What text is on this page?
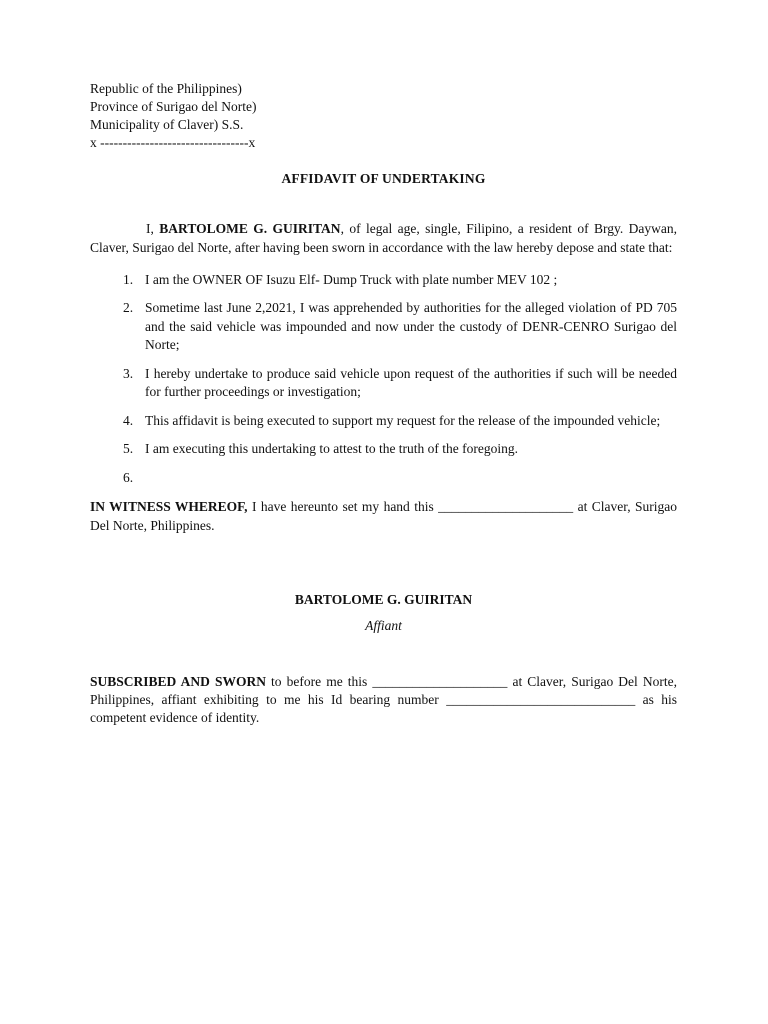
Republic of the Philippines)
Province of Surigao del Norte)
Municipality of Claver) S.S.
x ---------------------------------x
AFFIDAVIT OF UNDERTAKING

I, BARTOLOME G. GUIRITAN, of legal age, single, Filipino, a resident of Brgy. Daywan, Claver, Surigao del Norte, after having been sworn in accordance with the law hereby depose and state that:

1. I am the OWNER OF Isuzu Elf- Dump Truck with plate number MEV 102 ;
2. Sometime last June 2,2021, I was apprehended by authorities for the alleged violation of PD 705 and the said vehicle was impounded and now under the custody of DENR-CENRO Surigao del Norte;
3. I hereby undertake to produce said vehicle upon request of the authorities if such will be needed for further proceedings or investigation;
4. This affidavit is being executed to support my request for the release of the impounded vehicle;
5. I am executing this undertaking to attest to the truth of the foregoing.
6.

IN WITNESS WHEREOF, I have hereunto set my hand this ____________________ at Claver, Surigao Del Norte, Philippines.

BARTOLOME G. GUIRITAN
Affiant

SUBSCRIBED AND SWORN to before me this ____________________ at Claver, Surigao Del Norte, Philippines, affiant exhibiting to me his Id bearing number ____________________________ as his competent evidence of identity.
